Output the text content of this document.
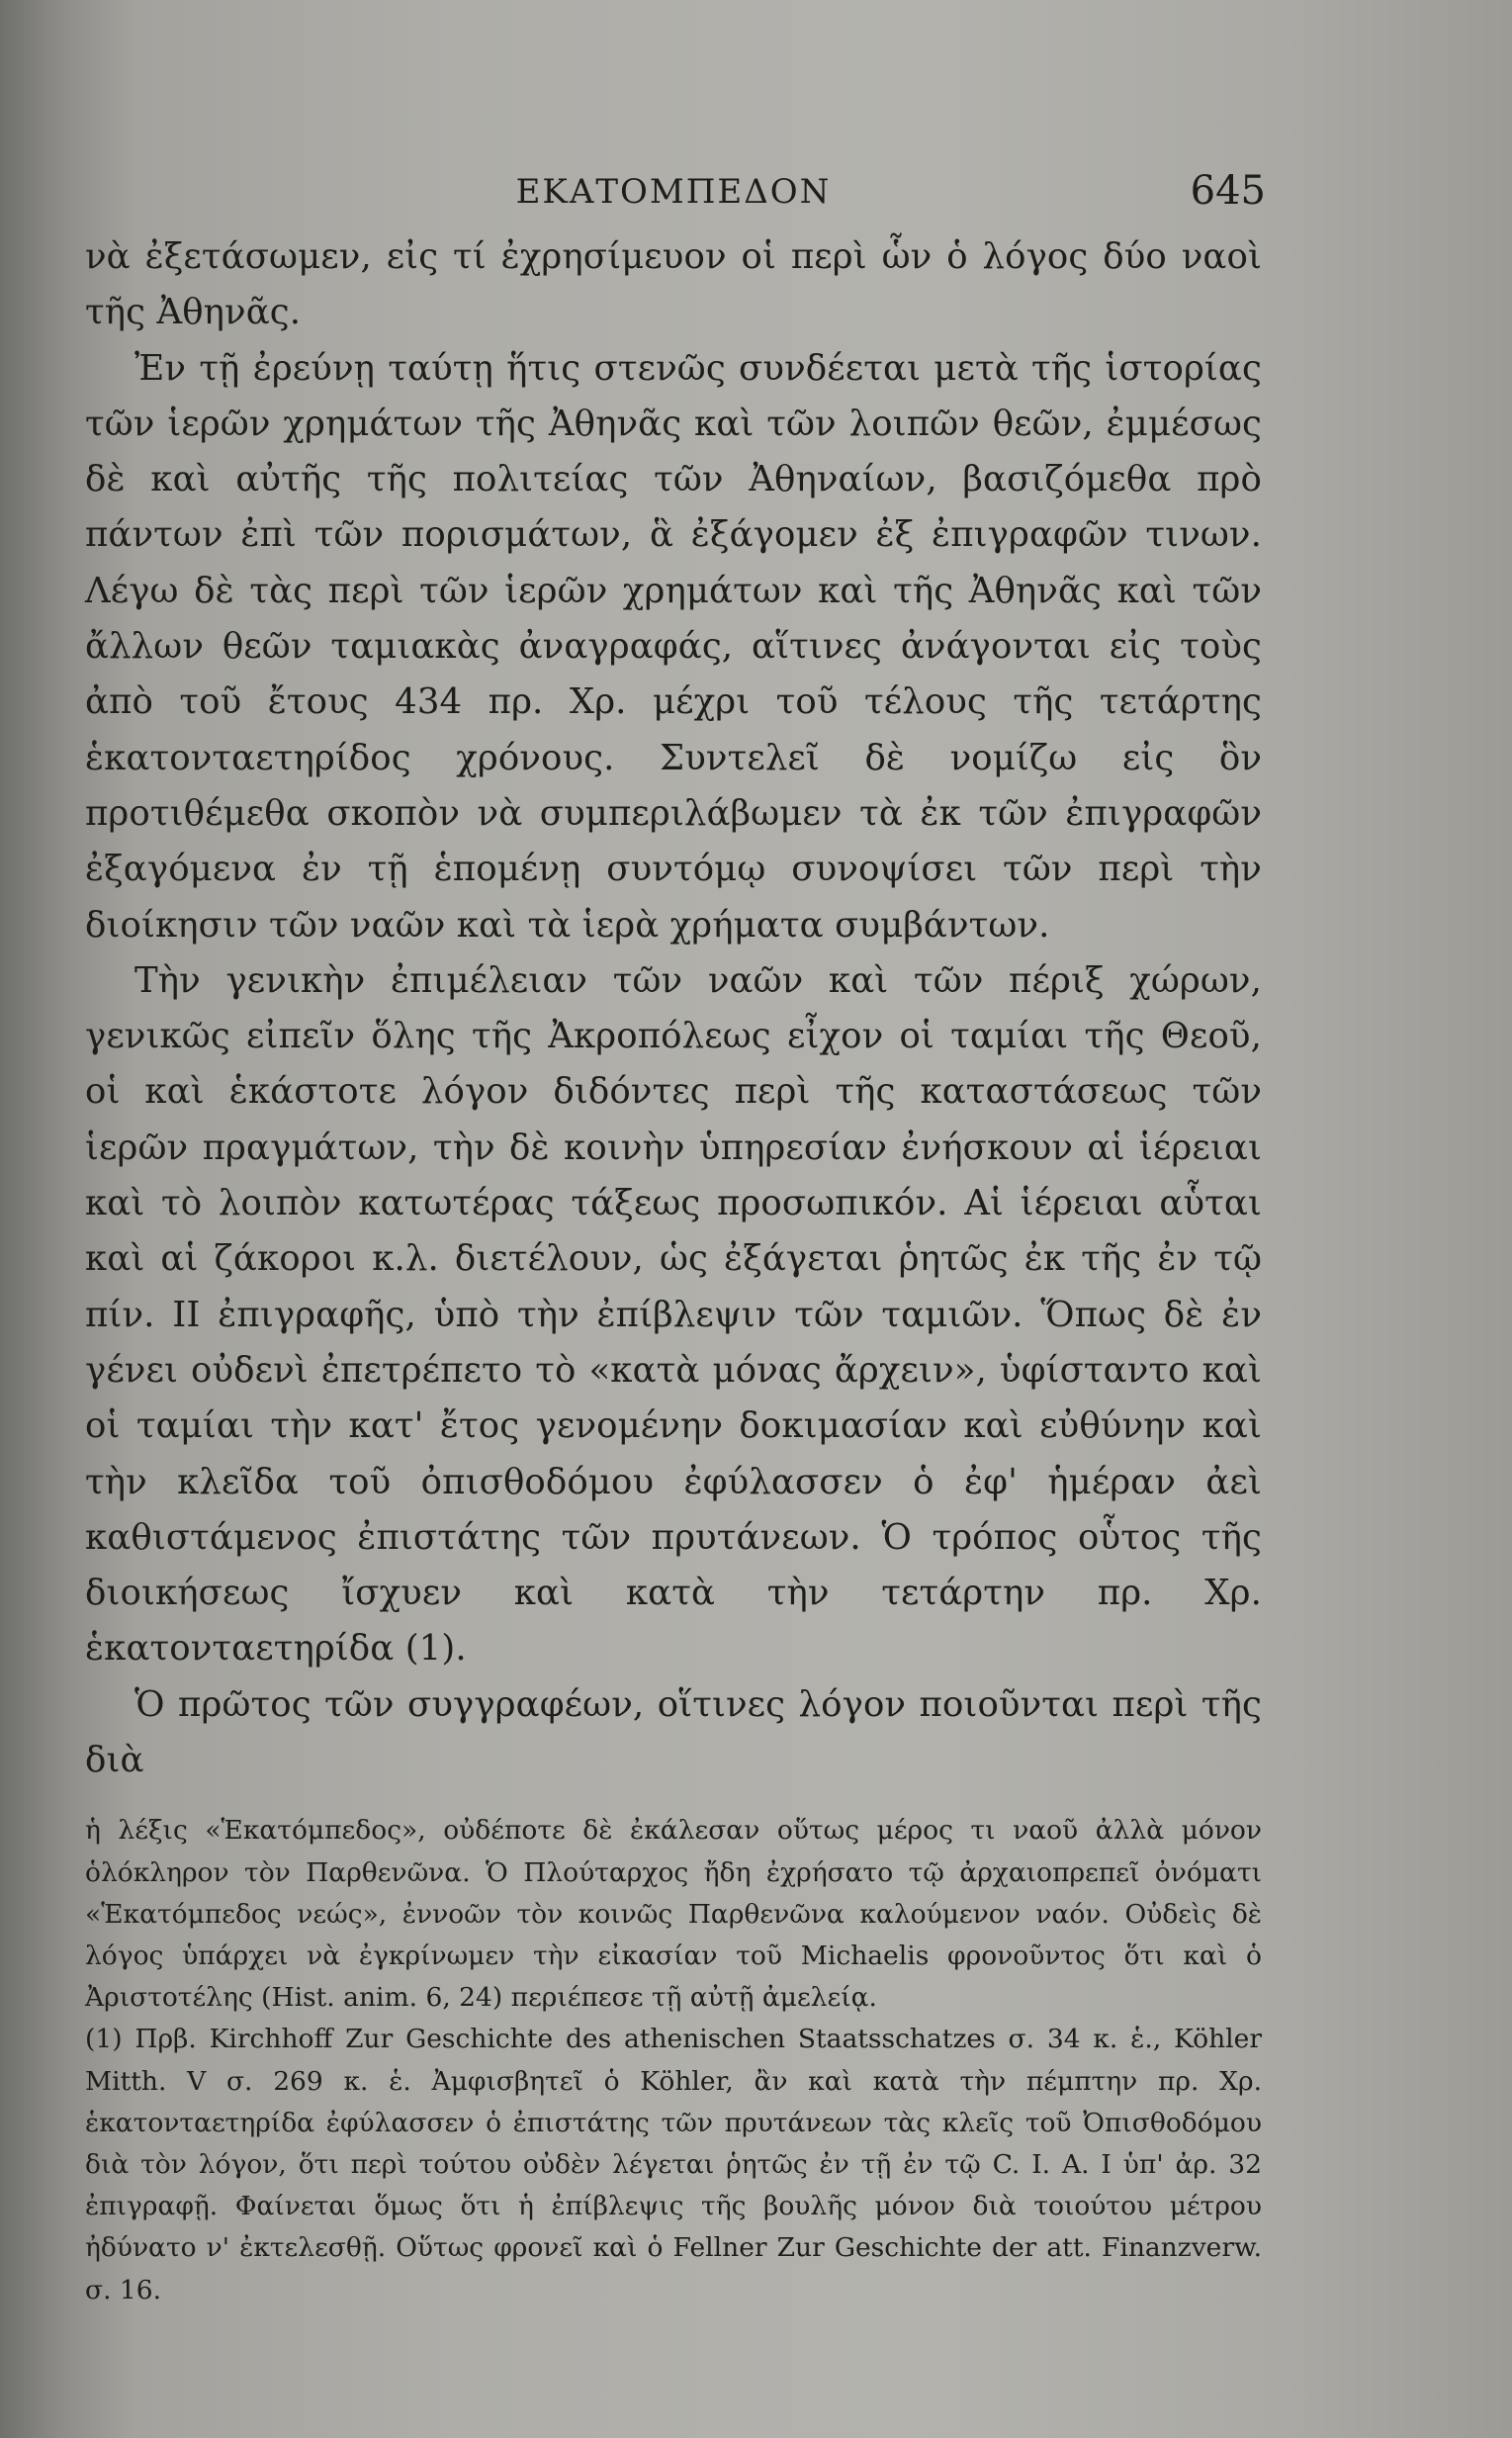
ΕΚΑΤΟΜΠΕΔΟΝ	645

νὰ ἐξετάσωμεν, εἰς τί ἐχρησίμευον οἱ περὶ ὧν ὁ λόγος δύο ναοὶ τῆς Ἀθηνᾶς.

Ἐν τῇ ἐρεύνῃ ταύτῃ ἥτις στενῶς συνδέεται μετὰ τῆς ἱστορίας τῶν ἱερῶν χρημάτων τῆς Ἀθηνᾶς καὶ τῶν λοιπῶν θεῶν, ἐμμέσως δὲ καὶ αὐτῆς τῆς πολιτείας τῶν Ἀθηναίων, βασιζόμεθα πρὸ πάντων ἐπὶ τῶν πορισμάτων, ἃ ἐξάγομεν ἐξ ἐπιγραφῶν τινων. Λέγω δὲ τὰς περὶ τῶν ἱερῶν χρημάτων καὶ τῆς Ἀθηνᾶς καὶ τῶν ἄλλων θεῶν ταμιακὰς ἀναγραφάς, αἵτινες ἀνάγονται εἰς τοὺς ἀπὸ τοῦ ἔτους 434 πρ. Χρ. μέχρι τοῦ τέλους τῆς τετάρτης ἑκατονταετηρίδος χρόνους. Συντελεῖ δὲ νομίζω εἰς ὃν προτιθέμεθα σκοπὸν νὰ συμπεριλάβωμεν τὰ ἐκ τῶν ἐπιγραφῶν ἐξαγόμενα ἐν τῇ ἑπομένῃ συντόμῳ συνοψίσει τῶν περὶ τὴν διοίκησιν τῶν ναῶν καὶ τὰ ἱερὰ χρήματα συμβάντων.

Τὴν γενικὴν ἐπιμέλειαν τῶν ναῶν καὶ τῶν πέριξ χώρων, γενικῶς εἰπεῖν ὅλης τῆς Ἀκροπόλεως εἶχον οἱ ταμίαι τῆς Θεοῦ, οἱ καὶ ἑκάστοτε λόγον διδόντες περὶ τῆς καταστάσεως τῶν ἱερῶν πραγμάτων, τὴν δὲ κοινὴν ὑπηρεσίαν ἐνήσκουν αἱ ἱέρειαι καὶ τὸ λοιπὸν κατωτέρας τάξεως προσωπικόν. Αἱ ἱέρειαι αὗται καὶ αἱ ζάκοροι κ.λ. διετέλουν, ὡς ἐξάγεται ῥητῶς ἐκ τῆς ἐν τῷ πίν. II ἐπιγραφῆς, ὑπὸ τὴν ἐπίβλεψιν τῶν ταμιῶν. Ὅπως δὲ ἐν γένει οὐδενὶ ἐπετρέπετο τὸ «κατὰ μόνας ἄρχειν», ὑφίσταντο καὶ οἱ ταμίαι τὴν κατ' ἔτος γενομένην δοκιμασίαν καὶ εὐθύνην καὶ τὴν κλεῖδα τοῦ ὀπισθοδόμου ἐφύλασσεν ὁ ἐφ' ἡμέραν ἀεὶ καθιστάμενος ἐπιστάτης τῶν πρυτάνεων. Ὁ τρόπος οὗτος τῆς διοικήσεως ἴσχυεν καὶ κατὰ τὴν τετάρτην πρ. Χρ. ἑκατονταετηρίδα (1).

Ὁ πρῶτος τῶν συγγραφέων, οἵτινες λόγον ποιοῦνται περὶ τῆς διὰ

ἡ λέξις «Ἑκατόμπεδος», οὐδέποτε δὲ ἐκάλεσαν οὕτως μέρος τι ναοῦ ἀλλὰ μόνον ὁλόκληρον τὸν Παρθενῶνα. Ὁ Πλούταρχος ἤδη ἐχρήσατο τῷ ἀρχαιοπρεπεῖ ὀνόματι «Ἑκατόμπεδος νεώς», ἐννοῶν τὸν κοινῶς Παρθενῶνα καλούμενον ναόν. Οὐδεὶς δὲ λόγος ὑπάρχει νὰ ἐγκρίνωμεν τὴν εἰκασίαν τοῦ Michaelis φρονοῦντος ὅτι καὶ ὁ Ἀριστοτέλης (Hist. anim. 6, 24) περιέπεσε τῇ αὐτῇ ἀμελείᾳ.

(1) Πρβ. Kirchhoff Zur Geschichte des athenischen Staatsschatzes σ. 34 κ. ἑ., Köhler Mitth. V σ. 269 κ. ἑ. Ἀμφισβητεῖ ὁ Köhler, ἂν καὶ κατὰ τὴν πέμπτην πρ. Χρ. ἑκατονταετηρίδα ἐφύλασσεν ὁ ἐπιστάτης τῶν πρυτάνεων τὰς κλεῖς τοῦ Ὀπισθοδόμου διὰ τὸν λόγον, ὅτι περὶ τούτου οὐδὲν λέγεται ῥητῶς ἐν τῇ ἐν τῷ C. I. A. I ὑπ' ἀρ. 32 ἐπιγραφῇ. Φαίνεται ὅμως ὅτι ἡ ἐπίβλεψις τῆς βουλῆς μόνον διὰ τοιούτου μέτρου ἠδύνατο ν' ἐκτελεσθῇ. Οὕτως φρονεῖ καὶ ὁ Fellner Zur Geschichte der att. Finanzverw. σ. 16.
